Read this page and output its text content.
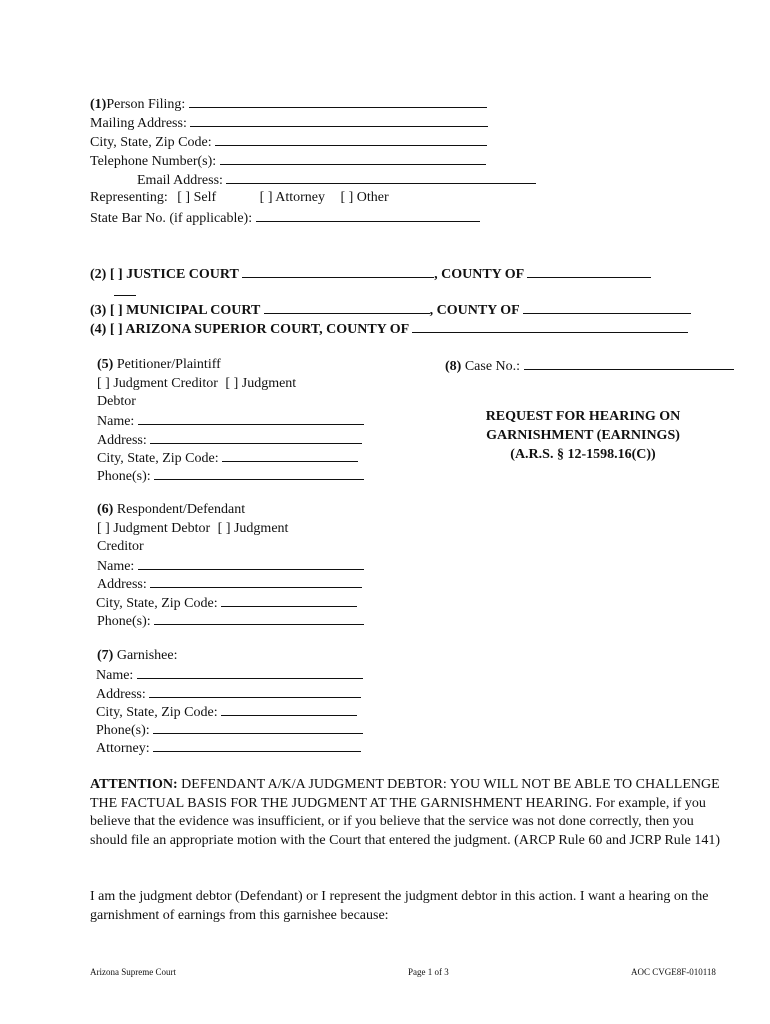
(1)Person Filing:
Mailing Address:
City, State, Zip Code:
Telephone Number(s):
Email Address:
Representing: [ ] Self	[ ] Attorney [ ] Other
State Bar No. (if applicable):
(2) [ ] JUSTICE COURT	, COUNTY OF
(3) [ ] MUNICIPAL COURT	, COUNTY OF
(4) [ ] ARIZONA SUPERIOR COURT, COUNTY OF
(5) Petitioner/Plaintiff
[ ] Judgment Creditor [ ] Judgment
Debtor
Name:
Address:
City, State, Zip Code:
Phone(s):
(8) Case No.:
REQUEST FOR HEARING ON
GARNISHMENT (EARNINGS)
(A.R.S. § 12-1598.16(C))
(6) Respondent/Defendant
[ ] Judgment Debtor [ ] Judgment
Creditor
Name:
Address:
City, State, Zip Code:
Phone(s):
(7) Garnishee:
Name:
Address:
City, State, Zip Code:
Phone(s):
Attorney:
ATTENTION: DEFENDANT A/K/A JUDGMENT DEBTOR: YOU WILL NOT BE ABLE TO CHALLENGE THE FACTUAL BASIS FOR THE JUDGMENT AT THE GARNISHMENT HEARING. For example, if you believe that the evidence was insufficient, or if you believe that the service was not done correctly, then you should file an appropriate motion with the Court that entered the judgment. (ARCP Rule 60 and JCRP Rule 141)
I am the judgment debtor (Defendant) or I represent the judgment debtor in this action. I want a hearing on the garnishment of earnings from this garnishee because:
Arizona Supreme Court	Page 1 of 3	AOC CVGE8F-010118
